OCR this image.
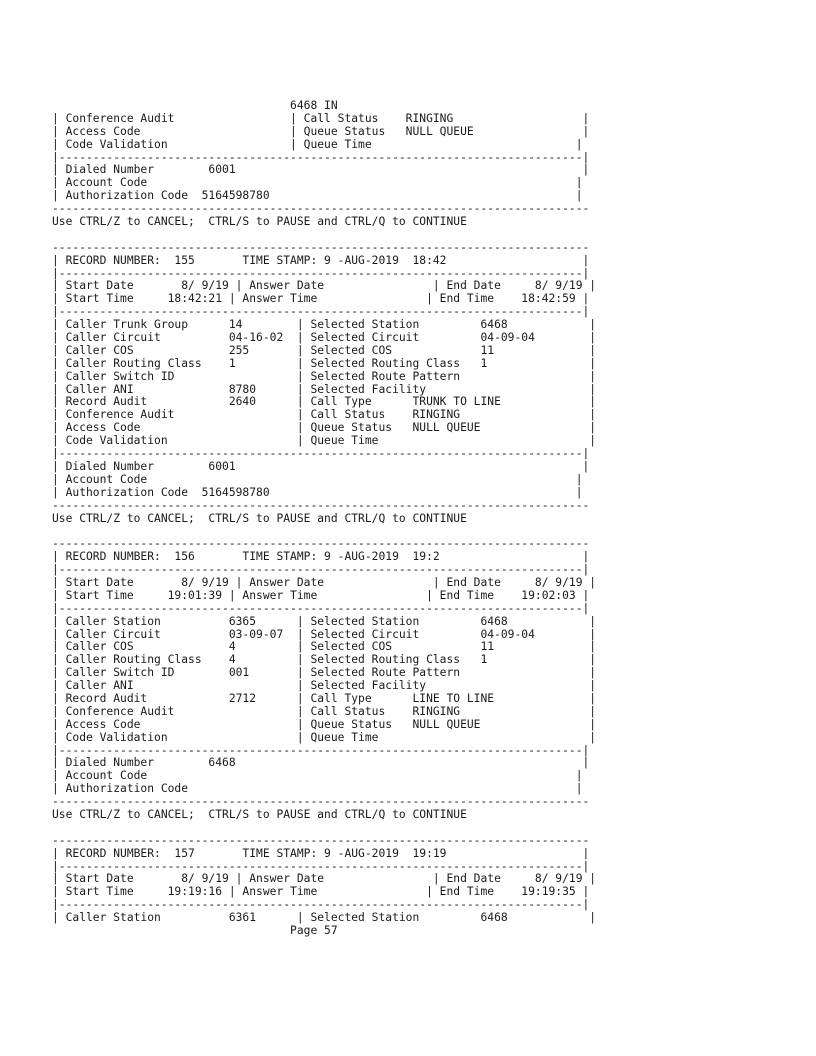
6468 IN
| Conference Audit                 | Call Status    RINGING                   |
| Access Code                      | Queue Status   NULL QUEUE                |
| Code Validation                  | Queue Time                              |
|-----------------------------------------------------------------------------|
| Dialed Number        6001                                                   |
| Account Code                                                               |
| Authorization Code  5164598780                                             |
-------------------------------------------------------------------------------
Use CTRL/Z to CANCEL;  CTRL/S to PAUSE and CTRL/Q to CONTINUE
-------------------------------------------------------------------------------
| RECORD NUMBER:  155       TIME STAMP: 9 -AUG-2019  18:42                    |
|-----------------------------------------------------------------------------|
| Start Date       8/ 9/19 | Answer Date                | End Date     8/ 9/19 |
| Start Time     18:42:21 | Answer Time                | End Time    18:42:59 |
|-----------------------------------------------------------------------------|
| Caller Trunk Group      14        | Selected Station         6468            |
| Caller Circuit          04-16-02  | Selected Circuit         04-09-04        |
| Caller COS              255       | Selected COS             11              |
| Caller Routing Class    1         | Selected Routing Class   1               |
| Caller Switch ID                  | Selected Route Pattern                   |
| Caller ANI              8780      | Selected Facility                        |
| Record Audit            2640      | Call Type      TRUNK TO LINE             |
| Conference Audit                  | Call Status    RINGING                   |
| Access Code                       | Queue Status   NULL QUEUE                |
| Code Validation                   | Queue Time                               |
|-----------------------------------------------------------------------------|
| Dialed Number        6001                                                   |
| Account Code                                                               |
| Authorization Code  5164598780                                             |
-------------------------------------------------------------------------------
Use CTRL/Z to CANCEL;  CTRL/S to PAUSE and CTRL/Q to CONTINUE
-------------------------------------------------------------------------------
| RECORD NUMBER:  156       TIME STAMP: 9 -AUG-2019  19:2                     |
|-----------------------------------------------------------------------------|
| Start Date       8/ 9/19 | Answer Date                | End Date     8/ 9/19 |
| Start Time     19:01:39 | Answer Time                | End Time    19:02:03 |
|-----------------------------------------------------------------------------|
| Caller Station          6365      | Selected Station         6468            |
| Caller Circuit          03-09-07  | Selected Circuit         04-09-04        |
| Caller COS              4         | Selected COS             11              |
| Caller Routing Class    4         | Selected Routing Class   1               |
| Caller Switch ID        001       | Selected Route Pattern                   |
| Caller ANI                        | Selected Facility                        |
| Record Audit            2712      | Call Type      LINE TO LINE              |
| Conference Audit                  | Call Status    RINGING                   |
| Access Code                       | Queue Status   NULL QUEUE                |
| Code Validation                   | Queue Time                               |
|-----------------------------------------------------------------------------|
| Dialed Number        6468                                                   |
| Account Code                                                               |
| Authorization Code                                                         |
-------------------------------------------------------------------------------
Use CTRL/Z to CANCEL;  CTRL/S to PAUSE and CTRL/Q to CONTINUE
-------------------------------------------------------------------------------
| RECORD NUMBER:  157       TIME STAMP: 9 -AUG-2019  19:19                    |
|-----------------------------------------------------------------------------|
| Start Date       8/ 9/19 | Answer Date                | End Date     8/ 9/19 |
| Start Time     19:19:16 | Answer Time                | End Time    19:19:35 |
|-----------------------------------------------------------------------------|
| Caller Station          6361      | Selected Station         6468            |
Page 57
